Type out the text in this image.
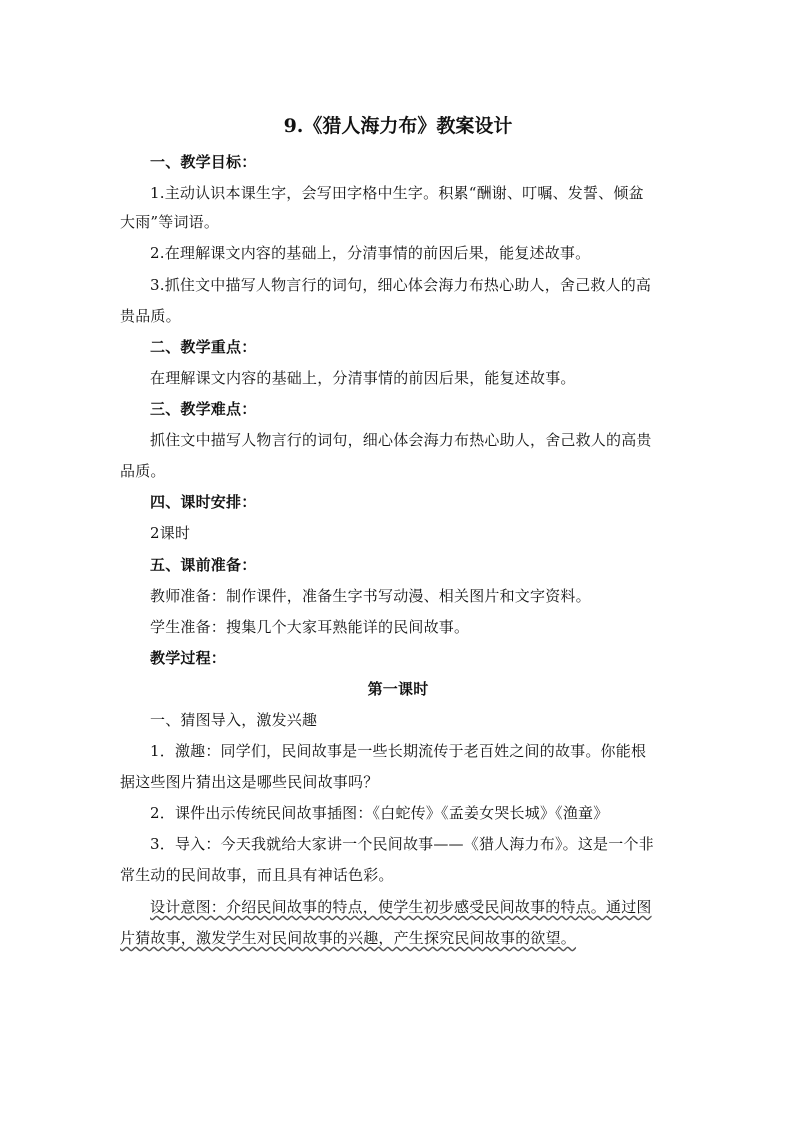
9.《猎人海力布》教案设计
一、教学目标：
1.主动认识本课生字，会写田字格中生字。积累“酬谢、叮嘱、发誓、倾盆
大雨”等词语。
2.在理解课文内容的基础上，分清事情的前因后果，能复述故事。
3.抓住文中描写人物言行的词句，细心体会海力布热心助人，舍己救人的高
贵品质。
二、教学重点：
在理解课文内容的基础上，分清事情的前因后果，能复述故事。
三、教学难点：
抓住文中描写人物言行的词句，细心体会海力布热心助人，舍己救人的高贵
品质。
四、课时安排：
2课时
五、课前准备：
教师准备：制作课件，准备生字书写动漫、相关图片和文字资料。
学生准备：搜集几个大家耳熟能详的民间故事。
教学过程：
第一课时
一、猜图导入，激发兴趣
1．激趣：同学们，民间故事是一些长期流传于老百姓之间的故事。你能根
据这些图片猜出这是哪些民间故事吗？
2．课件出示传统民间故事插图：《白蛇传》《孟姜女哭长城》《渔童》
3．导入：今天我就给大家讲一个民间故事——《猎人海力布》。这是一个非
常生动的民间故事，而且具有神话色彩。
设计意图：介绍民间故事的特点，使学生初步感受民间故事的特点。通过图
片猜故事，激发学生对民间故事的兴趣，产生探究民间故事的欲望。
